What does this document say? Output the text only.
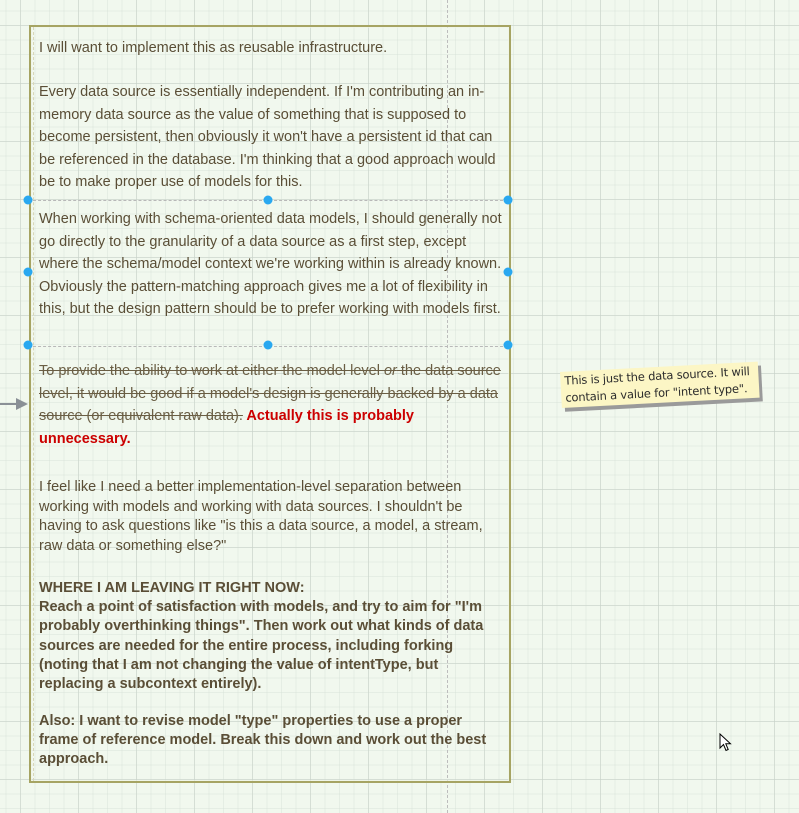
I will want to implement this as reusable infrastructure.
Every data source is essentially independent. If I'm contributing an in-memory data source as the value of something that is supposed to become persistent, then obviously it won't have a persistent id that can be referenced in the database. I'm thinking that a good approach would be to make proper use of models for this.
When working with schema-oriented data models, I should generally not go directly to the granularity of a data source as a first step, except where the schema/model context we're working within is already known. Obviously the pattern-matching approach gives me a lot of flexibility in this, but the design pattern should be to prefer working with models first.
To provide the ability to work at either the model level or the data source level, it would be good if a model's design is generally backed by a data source (or equivalent raw data). Actually this is probably unnecessary.
I feel like I need a better implementation-level separation between working with models and working with data sources. I shouldn't be having to ask questions like "is this a data source, a model, a stream, raw data or something else?"
WHERE I AM LEAVING IT RIGHT NOW:
Reach a point of satisfaction with models, and try to aim for "I'm probably overthinking things". Then work out what kinds of data sources are needed for the entire process, including forking (noting that I am not changing the value of intentType, but replacing a subcontext entirely).
Also: I want to revise model "type" properties to use a proper frame of reference model. Break this down and work out the best approach.
This is just the data source. It will contain a value for "intent type".
